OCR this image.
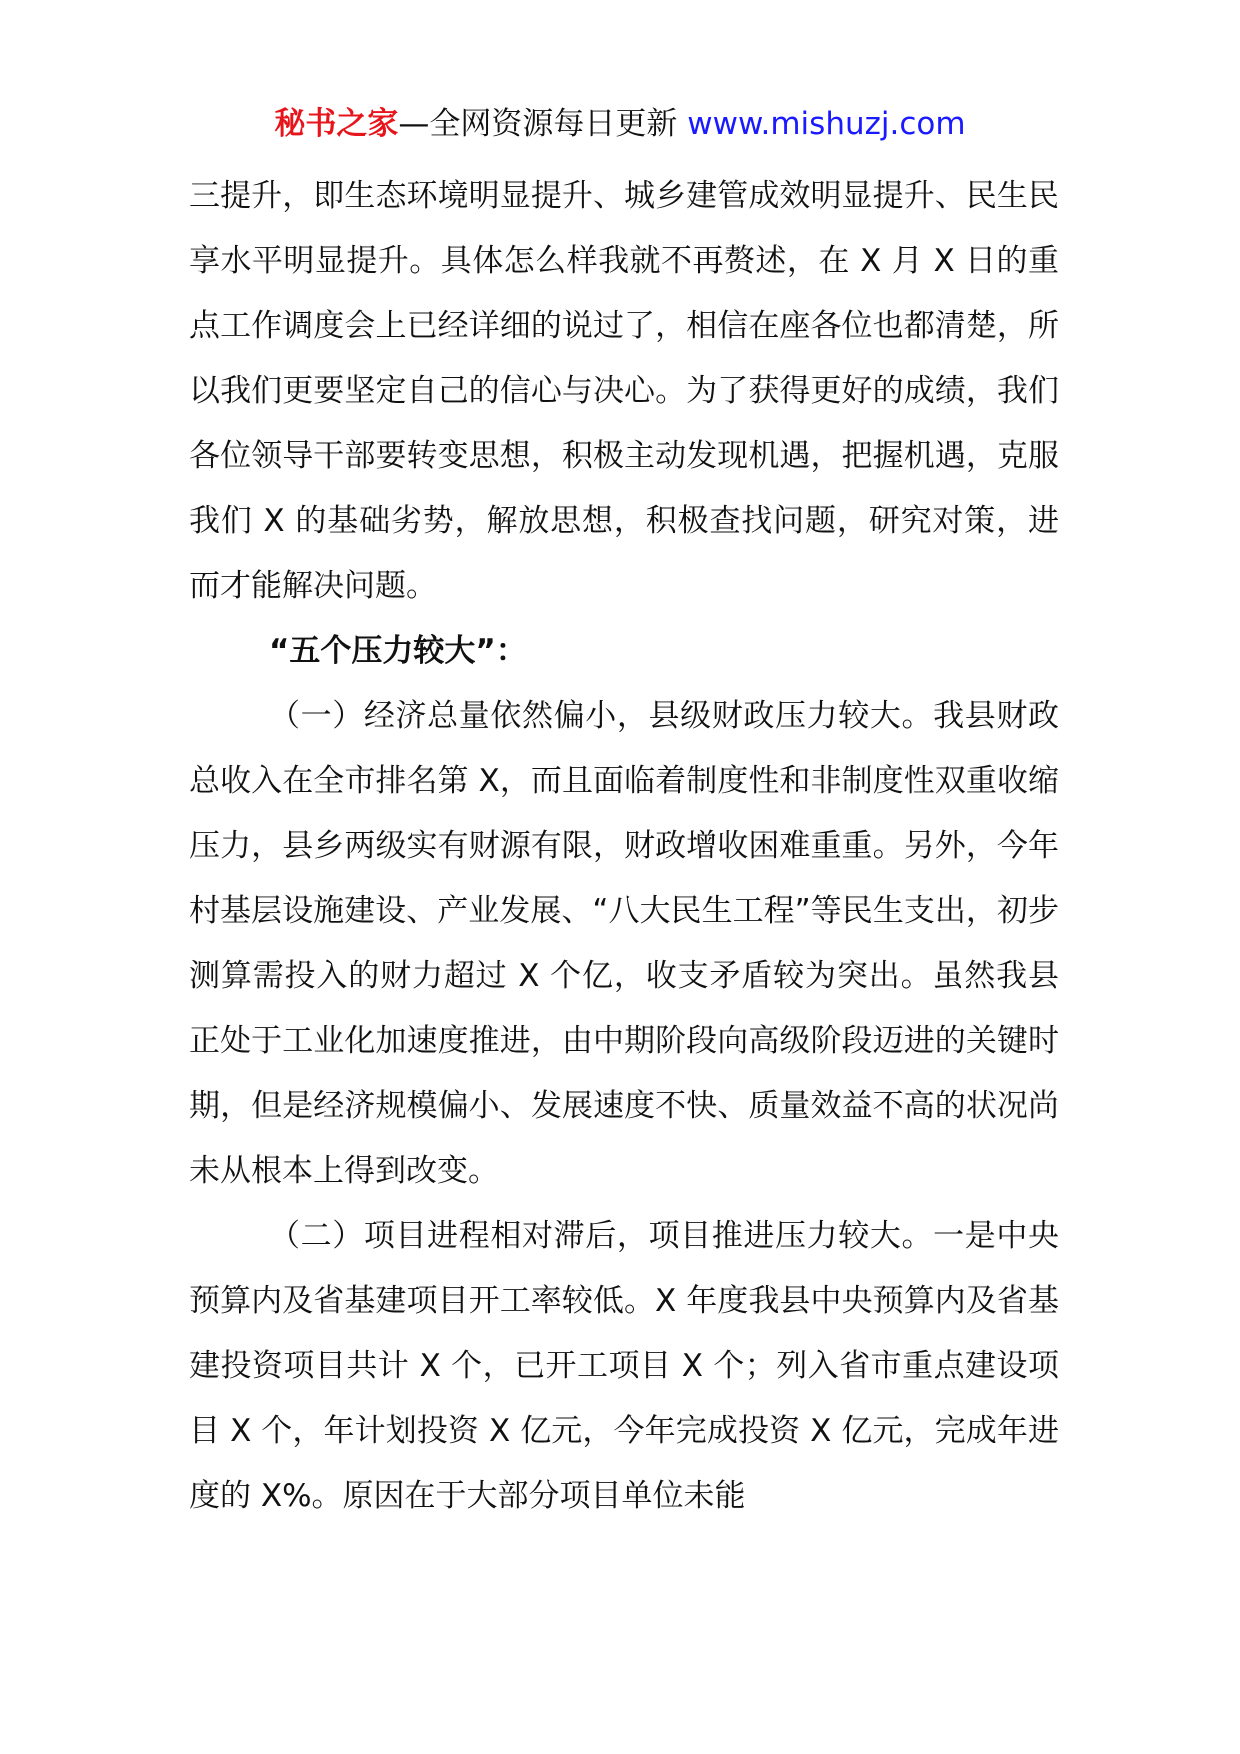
秘书之家—全网资源每日更新 www.mishuzj.com

三提升，即生态环境明显提升、城乡建管成效明显提升、民生民享水平明显提升。具体怎么样我就不再赘述，在 X 月 X 日的重点工作调度会上已经详细的说过了，相信在座各位也都清楚，所以我们更要坚定自己的信心与决心。为了获得更好的成绩，我们各位领导干部要转变思想，积极主动发现机遇，把握机遇，克服我们 X 的基础劣势，解放思想，积极查找问题，研究对策，进而才能解决问题。

“五个压力较大”：

（一）经济总量依然偏小，县级财政压力较大。我县财政总收入在全市排名第 X，而且面临着制度性和非制度性双重收缩压力，县乡两级实有财源有限，财政增收困难重重。另外，今年村基层设施建设、产业发展、“八大民生工程”等民生支出，初步测算需投入的财力超过 X 个亿，收支矛盾较为突出。虽然我县正处于工业化加速度推进，由中期阶段向高级阶段迈进的关键时期，但是经济规模偏小、发展速度不快、质量效益不高的状况尚未从根本上得到改变。

（二）项目进程相对滞后，项目推进压力较大。一是中央预算内及省基建项目开工率较低。X 年度我县中央预算内及省基建投资项目共计 X 个，已开工项目 X 个；列入省市重点建设项目 X 个，年计划投资 X 亿元，今年完成投资 X 亿元，完成年进度的 X%。原因在于大部分项目单位未能
